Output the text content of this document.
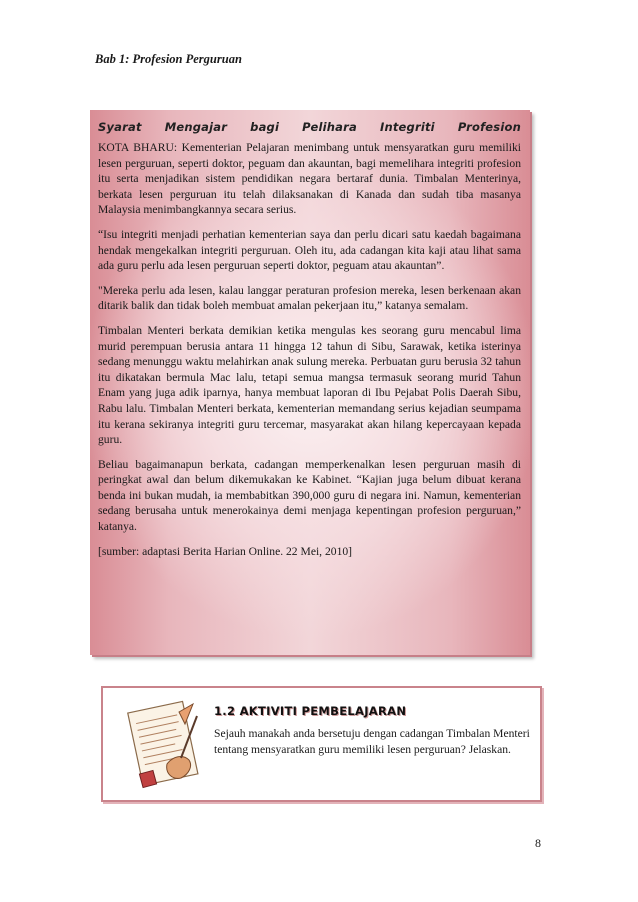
Bab 1: Profesion Perguruan
Syarat Mengajar bagi Pelihara Integriti Profesion

KOTA BHARU: Kementerian Pelajaran menimbang untuk mensyaratkan guru memiliki lesen perguruan, seperti doktor, peguam dan akauntan, bagi memelihara integriti profesion itu serta menjadikan sistem pendidikan negara bertaraf dunia. Timbalan Menterinya, berkata lesen perguruan itu telah dilaksanakan di Kanada dan sudah tiba masanya Malaysia menimbangkannya secara serius.

“Isu integriti menjadi perhatian kementerian saya dan perlu dicari satu kaedah bagaimana hendak mengekalkan integriti perguruan. Oleh itu, ada cadangan kita kaji atau lihat sama ada guru perlu ada lesen perguruan seperti doktor, peguam atau akauntan”.

"Mereka perlu ada lesen, kalau langgar peraturan profesion mereka, lesen berkenaan akan ditarik balik dan tidak boleh membuat amalan pekerjaan itu,” katanya semalam.

Timbalan Menteri berkata demikian ketika mengulas kes seorang guru mencabul lima murid perempuan berusia antara 11 hingga 12 tahun di Sibu, Sarawak, ketika isterinya sedang menunggu waktu melahirkan anak sulung mereka. Perbuatan guru berusia 32 tahun itu dikatakan bermula Mac lalu, tetapi semua mangsa termasuk seorang murid Tahun Enam yang juga adik iparnya, hanya membuat laporan di Ibu Pejabat Polis Daerah Sibu, Rabu lalu. Timbalan Menteri berkata, kementerian memandang serius kejadian seumpama itu kerana sekiranya integriti guru tercemar, masyarakat akan hilang kepercayaan kepada guru.

Beliau bagaimanapun berkata, cadangan memperkenalkan lesen perguruan masih di peringkat awal dan belum dikemukakan ke Kabinet. “Kajian juga belum dibuat kerana benda ini bukan mudah, ia membabitkan 390,000 guru di negara ini. Namun, kementerian sedang berusaha untuk menerokainya demi menjaga kepentingan profesion perguruan,” katanya.

[sumber: adaptasi Berita Harian Online. 22 Mei, 2010]

1.2 AKTIVITI PEMBELAJARAN
Sejauh manakah anda bersetuju dengan cadangan Timbalan Menteri tentang mensyaratkan guru memiliki lesen perguruan? Jelaskan.
8
